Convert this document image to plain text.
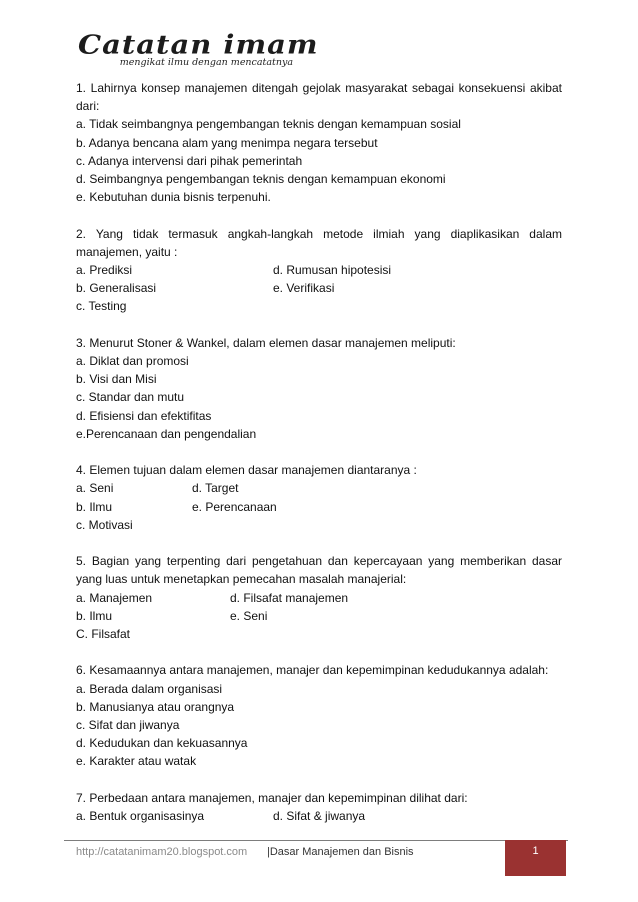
Catatan imam
mengikat ilmu dengan mencatatnya
1. Lahirnya konsep manajemen ditengah gejolak masyarakat sebagai konsekuensi akibat dari:
a. Tidak seimbangnya pengembangan teknis dengan kemampuan sosial
b. Adanya bencana alam yang menimpa negara tersebut
c. Adanya intervensi dari pihak pemerintah
d. Seimbangnya pengembangan teknis dengan kemampuan ekonomi
e. Kebutuhan dunia bisnis terpenuhi.
2. Yang tidak termasuk angkah-langkah metode ilmiah yang diaplikasikan dalam manajemen, yaitu :
a. Prediksi	d. Rumusan hipotesisi
b. Generalisasi	e. Verifikasi
c. Testing
3. Menurut Stoner & Wankel, dalam elemen dasar manajemen meliputi:
a. Diklat dan promosi
b. Visi dan Misi
c. Standar dan mutu
d. Efisiensi dan efektifitas
e.Perencanaan dan pengendalian
4. Elemen tujuan dalam elemen dasar manajemen diantaranya :
a. Seni	d. Target
b. Ilmu	e. Perencanaan
c. Motivasi
5. Bagian yang terpenting dari pengetahuan dan kepercayaan yang memberikan dasar yang luas untuk menetapkan pemecahan masalah manajerial:
a. Manajemen	d. Filsafat manajemen
b. Ilmu	e. Seni
C. Filsafat
6. Kesamaannya antara manajemen, manajer dan kepemimpinan kedudukannya adalah:
a. Berada dalam organisasi
b. Manusianya atau orangnya
c. Sifat dan jiwanya
d. Kedudukan dan kekuasannya
e. Karakter atau watak
7. Perbedaan antara manajemen, manajer dan kepemimpinan dilihat dari:
a. Bentuk organisasinya	d. Sifat & jiwanya
http://catatanimam20.blogspot.com |Dasar Manajemen dan Bisnis	1
